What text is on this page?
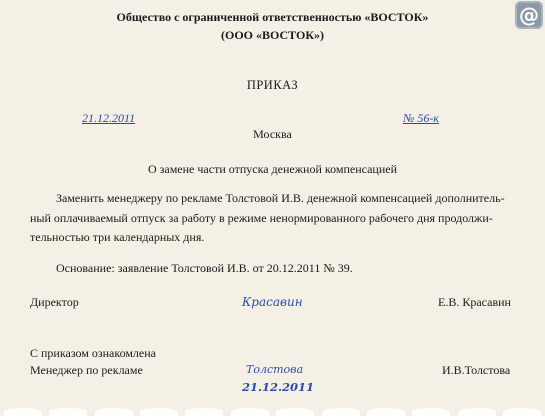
@
Общество с ограниченной ответственностью «ВОСТОК»
(ООО «ВОСТОК»)
ПРИКАЗ
21.12.2011	№ 56-к
Москва
О замене части отпуска денежной компенсацией
Заменить менеджеру по рекламе Толстовой И.В. денежной компенсацией дополнитель-
ный оплачиваемый отпуск за работу в режиме ненормированного рабочего дня продолжи-
тельностью три календарных дня.
Основание: заявление Толстовой И.В. от 20.12.2011 № 39.
Директор	Красавин	Е.В. Красавин
С приказом ознакомлена
Менеджер по рекламе	Толстова	И.В.Толстова
21.12.2011
